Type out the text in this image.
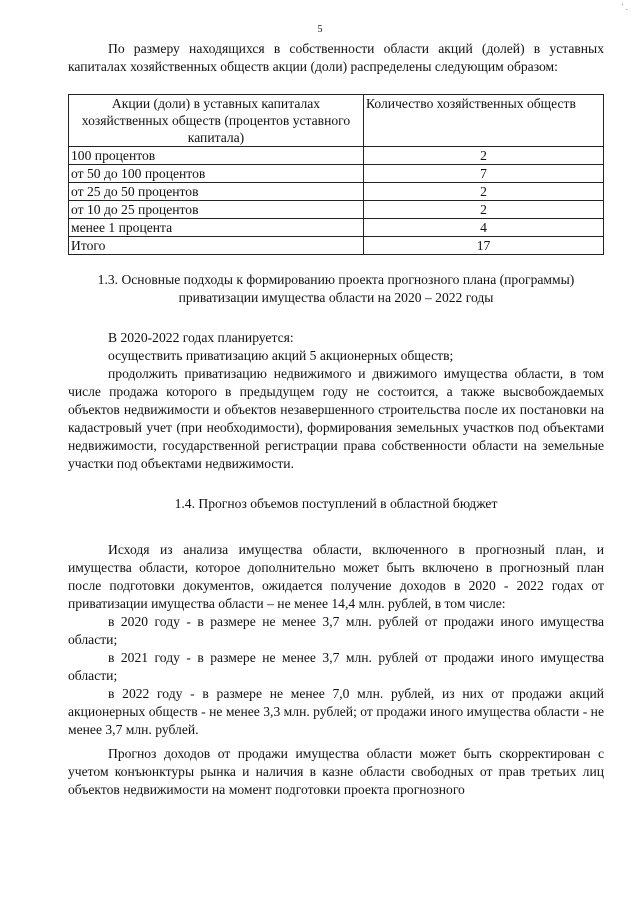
' .
5

По размеру находящихся в собственности области акций (долей) в уставных капиталах хозяйственных обществ акции (доли) распределены следующим образом:

Акции (доли) в уставных капиталах хозяйственных обществ (процентов уставного капитала)	Количество хозяйственных обществ
100 процентов	2
от 50 до 100 процентов	7
от 25 до 50 процентов	2
от 10 до 25 процентов	2
менее 1 процента	4
Итого	17

1.3. Основные подходы к формированию проекта прогнозного плана (программы) приватизации имущества области на 2020 – 2022 годы

В 2020-2022 годах планируется:

осуществить приватизацию акций 5 акционерных обществ;

продолжить приватизацию недвижимого и движимого имущества области, в том числе продажа которого в предыдущем году не состоится, а также высвобождаемых объектов недвижимости и объектов незавершенного строительства после их постановки на кадастровый учет (при необходимости), формирования земельных участков под объектами недвижимости, государственной регистрации права собственности области на земельные участки под объектами недвижимости.

1.4. Прогноз объемов поступлений в областной бюджет

Исходя из анализа имущества области, включенного в прогнозный план, и имущества области, которое дополнительно может быть включено в прогнозный план после подготовки документов, ожидается получение доходов в 2020 - 2022 годах от приватизации имущества области – не менее 14,4 млн. рублей, в том числе:

в 2020 году - в размере не менее 3,7 млн. рублей от продажи иного имущества области;

в 2021 году - в размере не менее 3,7 млн. рублей от продажи иного имущества области;

в 2022 году - в размере не менее 7,0 млн. рублей, из них от продажи акций акционерных обществ - не менее 3,3 млн. рублей; от продажи иного имущества области - не менее 3,7 млн. рублей.

Прогноз доходов от продажи имущества области может быть скорректирован с учетом конъюнктуры рынка и наличия в казне области свободных от прав третьих лиц объектов недвижимости на момент подготовки проекта прогнозного
